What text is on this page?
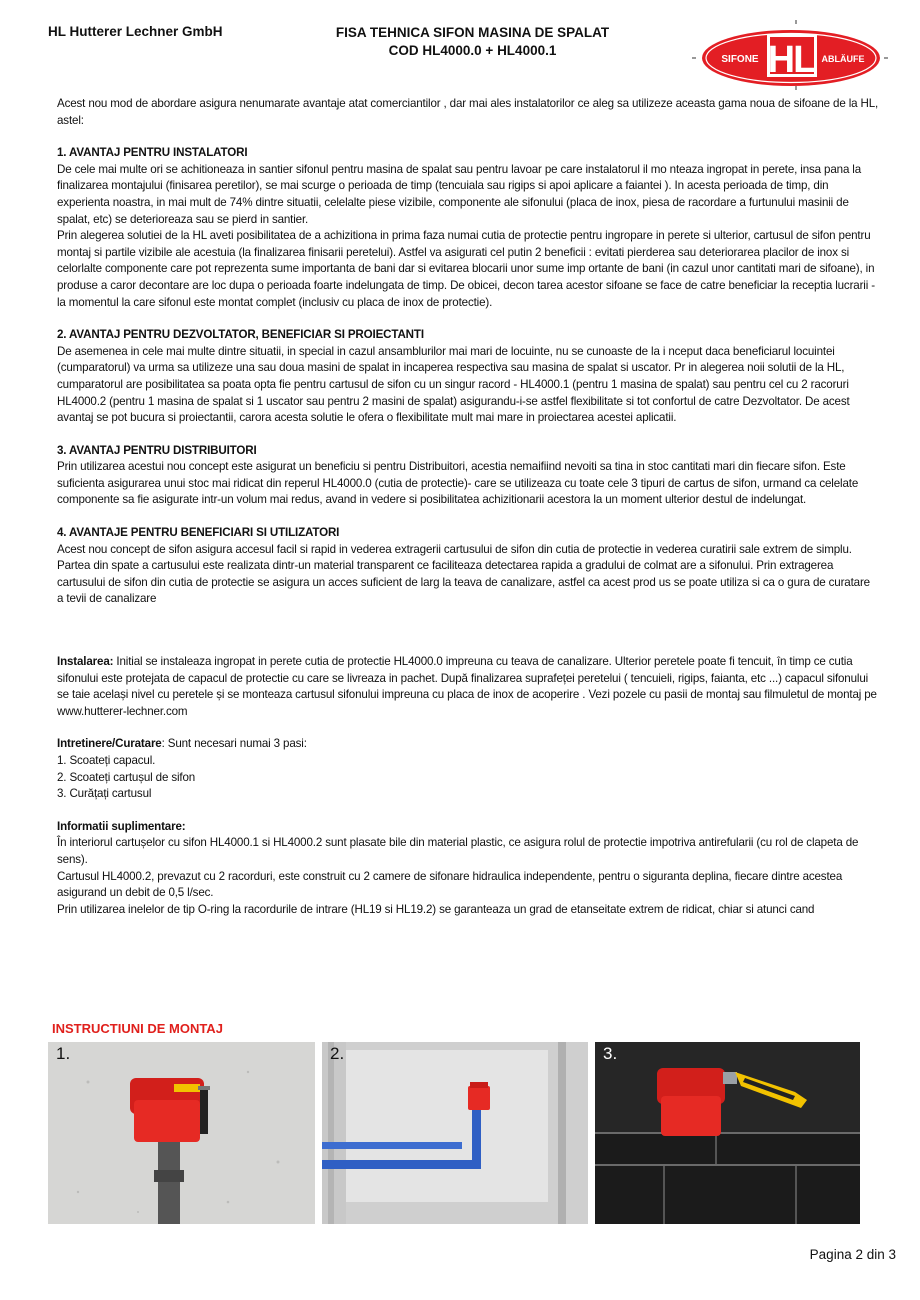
HL Hutterer Lechner GmbH	FISA TEHNICA SIFON MASINA DE SPALAT
COD HL4000.0 + HL4000.1	HL
SIFONE	ABLÄUFE

Acest nou mod de abordare asigura nenumarate avantaje atat comerciantilor , dar mai ales instalatorilor ce aleg sa utilizeze aceasta gama noua de sifoane de la HL, astel:

1. AVANTAJ PENTRU INSTALATORI

De cele mai multe ori se achitioneaza in santier sifonul pentru masina de spalat sau pentru lavoar pe care instalatorul il mo nteaza ingropat in perete, insa pana la finalizarea montajului (finisarea peretilor), se mai scurge o perioada de timp (tencuiala sau rigips si apoi aplicare a faiantei ). In acesta perioada de timp, din experienta noastra, in mai mult de 74% dintre situatii, celelalte piese vizibile, componente ale sifonului (placa de inox, piesa de racordare a furtunului masinii de spalat, etc) se deterioreaza sau se pierd in santier.

Prin alegerea solutiei de la HL aveti posibilitatea de a achizitiona in prima faza numai cutia de protectie pentru ingropare in perete si ulterior, cartusul de sifon pentru montaj si partile vizibile ale acestuia (la finalizarea finisarii peretelui). Astfel va asigurati cel putin 2 beneficii : evitati pierderea sau deteriorarea placilor de inox si celorlalte componente care pot reprezenta sume importanta de bani dar si evitarea blocarii unor sume imp ortante de bani (in cazul unor cantitati mari de sifoane), in produse a caror decontare are loc dupa o perioada foarte indelungata de timp. De obicei, decon tarea acestor sifoane se face de catre beneficiar la receptia lucrarii - la momentul la care sifonul este montat complet (inclusiv cu placa de inox de protectie).

2. AVANTAJ PENTRU DEZVOLTATOR, BENEFICIAR SI PROIECTANTI

De asemenea in cele mai multe dintre situatii, in special in cazul ansamblurilor mai mari de locuinte, nu se cunoaste de la i nceput daca beneficiarul locuintei (cumparatorul) va urma sa utilizeze una sau doua masini de spalat in incaperea respectiva sau masina de spalat si uscator. Pr in alegerea noii solutii de la HL, cumparatorul are posibilitatea sa poata opta fie pentru cartusul de sifon cu un singur racord - HL4000.1 (pentru 1 masina de spalat) sau pentru cel cu 2 racoruri HL4000.2 (pentru 1 masina de spalat si 1 uscator sau pentru 2 masini de spalat) asigurandu-i-se astfel flexibilitate si tot confortul de catre Dezvoltator. De acest avantaj se pot bucura si proiectantii, carora acesta solutie le ofera o flexibilitate mult mai mare in proiectarea acestei aplicatii.

3. AVANTAJ PENTRU DISTRIBUITORI

Prin utilizarea acestui nou concept este asigurat un beneficiu si pentru Distribuitori, acestia nemaifiind nevoiti sa tina in stoc cantitati mari din fiecare sifon. Este suficienta asigurarea unui stoc mai ridicat din reperul HL4000.0 (cutia de protectie)- care se utilizeaza cu toate cele 3 tipuri de cartus de sifon, urmand ca celelate componente sa fie asigurate intr-un volum mai redus, avand in vedere si posibilitatea achizitionarii acestora la un moment ulterior destul de indelungat.

4. AVANTAJE PENTRU BENEFICIARI SI UTILIZATORI

Acest nou concept de sifon asigura accesul facil si rapid in vederea extragerii cartusului de sifon din cutia de protectie in vederea curatirii sale extrem de simplu.

Partea din spate a cartusului este realizata dintr-un material transparent ce faciliteaza detectarea rapida a gradului de colmat are a sifonului. Prin extragerea cartusului de sifon din cutia de protectie se asigura un acces suficient de larg la teava de canalizare, astfel ca acest prod us se poate utiliza si ca o gura de curatare a tevii de canalizare

Instalarea: Initial se instaleaza ingropat in perete cutia de protectie HL4000.0 impreuna cu teava de canalizare. Ulterior peretele poate fi tencuit, în timp ce cutia sifonului este protejata de capacul de protectie cu care se livreaza in pachet. După finalizarea suprafeței peretelui ( tencuieli, rigips, faianta, etc ...) capacul sifonului se taie același nivel cu peretele și se monteaza cartusul sifonului impreuna cu placa de inox de acoperire . Vezi pozele cu pasii de montaj sau filmuletul de montaj pe www.hutterer-lechner.com

Intretinere/Curatare: Sunt necesari numai 3 pasi:

1. Scoateți capacul.

2. Scoateți cartușul de sifon

3. Curățați cartusul

Informatii suplimentare:

În interiorul cartușelor cu sifon HL4000.1 si HL4000.2 sunt plasate bile din material plastic, ce asigura rolul de protectie impotriva antirefularii (cu rol de clapeta de sens).

Cartusul HL4000.2, prevazut cu 2 racorduri, este construit cu 2 camere de sifonare hidraulica independente, pentru o siguranta deplina, fiecare dintre acestea asigurand un debit de 0,5 l/sec.

Prin utilizarea inelelor de tip O-ring la racordurile de intrare (HL19 si HL19.2) se garanteaza un grad de etanseitate extrem de ridicat, chiar si atunci cand

INSTRUCTIUNI DE MONTAJ
1.	2.	3.
Pagina 2 din 3
